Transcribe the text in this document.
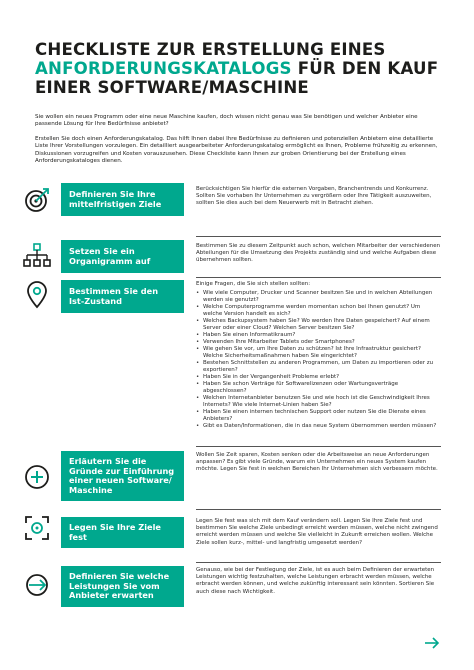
CHECKLISTE ZUR ERSTELLUNG EINES
ANFORDERUNGSKATALOGS FÜR DEN KAUF
EINER SOFTWARE/MASCHINE

Sie wollen ein neues Programm oder eine neue Maschine kaufen, doch wissen nicht genau was Sie benötigen und welcher Anbieter eine passende Lösung für Ihre Bedürfnisse anbietet?

Erstellen Sie doch einen Anforderungskatalog. Das hilft Ihnen dabei Ihre Bedürfnisse zu definieren und potenziellen Anbietern eine detaillierte Liste Ihrer Vorstellungen vorzulegen. Ein detailliert ausgearbeiteter Anforderungskatalog ermöglicht es Ihnen, Probleme frühzeitig zu erkennen, Diskussionen vorzugreifen und Kosten vorauszusehen. Diese Checkliste kann Ihnen zur groben Orientierung bei der Erstellung eines Anforderungskataloges dienen.

Definieren Sie Ihre mittelfristigen Ziele

Berücksichtigen Sie hierfür die externen Vorgaben, Branchentrends und Konkurrenz. Sollten Sie vorhaben Ihr Unternehmen zu vergrößern oder Ihre Tätigkeit auszuweiten, sollten Sie dies auch bei dem Neuerwerb mit in Betracht ziehen.

Setzen Sie ein Organigramm auf

Bestimmen Sie zu diesem Zeitpunkt auch schon, welchen Mitarbeiter der verschiedenen Abteilungen für die Umsetzung des Projekts zuständig sind und welche Aufgaben diese übernehmen sollten.

Bestimmen Sie den Ist-Zustand

Einige Fragen, die Sie sich stellen sollten:

• Wie viele Computer, Drucker und Scanner besitzen Sie und in welchen Abteilungen werden sie genutzt?
• Welche Computerprogramme werden momentan schon bei Ihnen genutzt? Um welche Version handelt es sich?
• Welches Backupsystem haben Sie? Wo werden Ihre Daten gespeichert? Auf einem Server oder einer Cloud? Welchen Server besitzen Sie?
• Haben Sie einen Informatikraum?
• Verwenden Ihre Mitarbeiter Tablets oder Smartphones?
• Wie gehen Sie vor, um Ihre Daten zu schützen? Ist Ihre Infrastruktur gesichert? Welche Sicherheitsmaßnahmen haben Sie eingerichtet?
• Bestehen Schnittstellen zu anderen Programmen, um Daten zu importieren oder zu exportieren?
• Haben Sie in der Vergangenheit Probleme erlebt?
• Haben Sie schon Verträge für Softwarelizenzen oder Wartungsverträge abgeschlossen?
• Welchen Internetanbieter benutzen Sie und wie hoch ist die Geschwindigkeit Ihres Internets? Wie viele Internet-Linien haben Sie?
• Haben Sie einen internen technischen Support oder nutzen Sie die Dienste eines Anbieters?
• Gibt es Daten/Informationen, die in das neue System übernommen werden müssen?
Erläutern Sie die Gründe zur Einführung einer neuen Software/ Maschine

Wollen Sie Zeit sparen, Kosten senken oder die Arbeitsweise an neue Anforderungen anpassen? Es gibt viele Gründe, warum ein Unternehmen ein neues System kaufen möchte. Legen Sie fest in welchen Bereichen Ihr Unternehmen sich verbessern möchte.

Legen Sie Ihre Ziele fest

Legen Sie fest was sich mit dem Kauf verändern soll. Legen Sie Ihre Ziele fest und bestimmen Sie welche Ziele unbedingt erreicht werden müssen, welche nicht zwingend erreicht werden müssen und welche Sie vielleicht in Zukunft erreichen wollen. Welche Ziele sollen kurz-, mittel- und langfristig umgesetzt werden?

Definieren Sie welche Leistungen Sie vom Anbieter erwarten

Genauso, wie bei der Festlegung der Ziele, ist es auch beim Definieren der erwarteten Leistungen wichtig festzuhalten, welche Leistungen erbracht werden müssen, welche erbracht werden können, und welche zukünftig interessant sein könnten. Sortieren Sie auch diese nach Wichtigkeit.
